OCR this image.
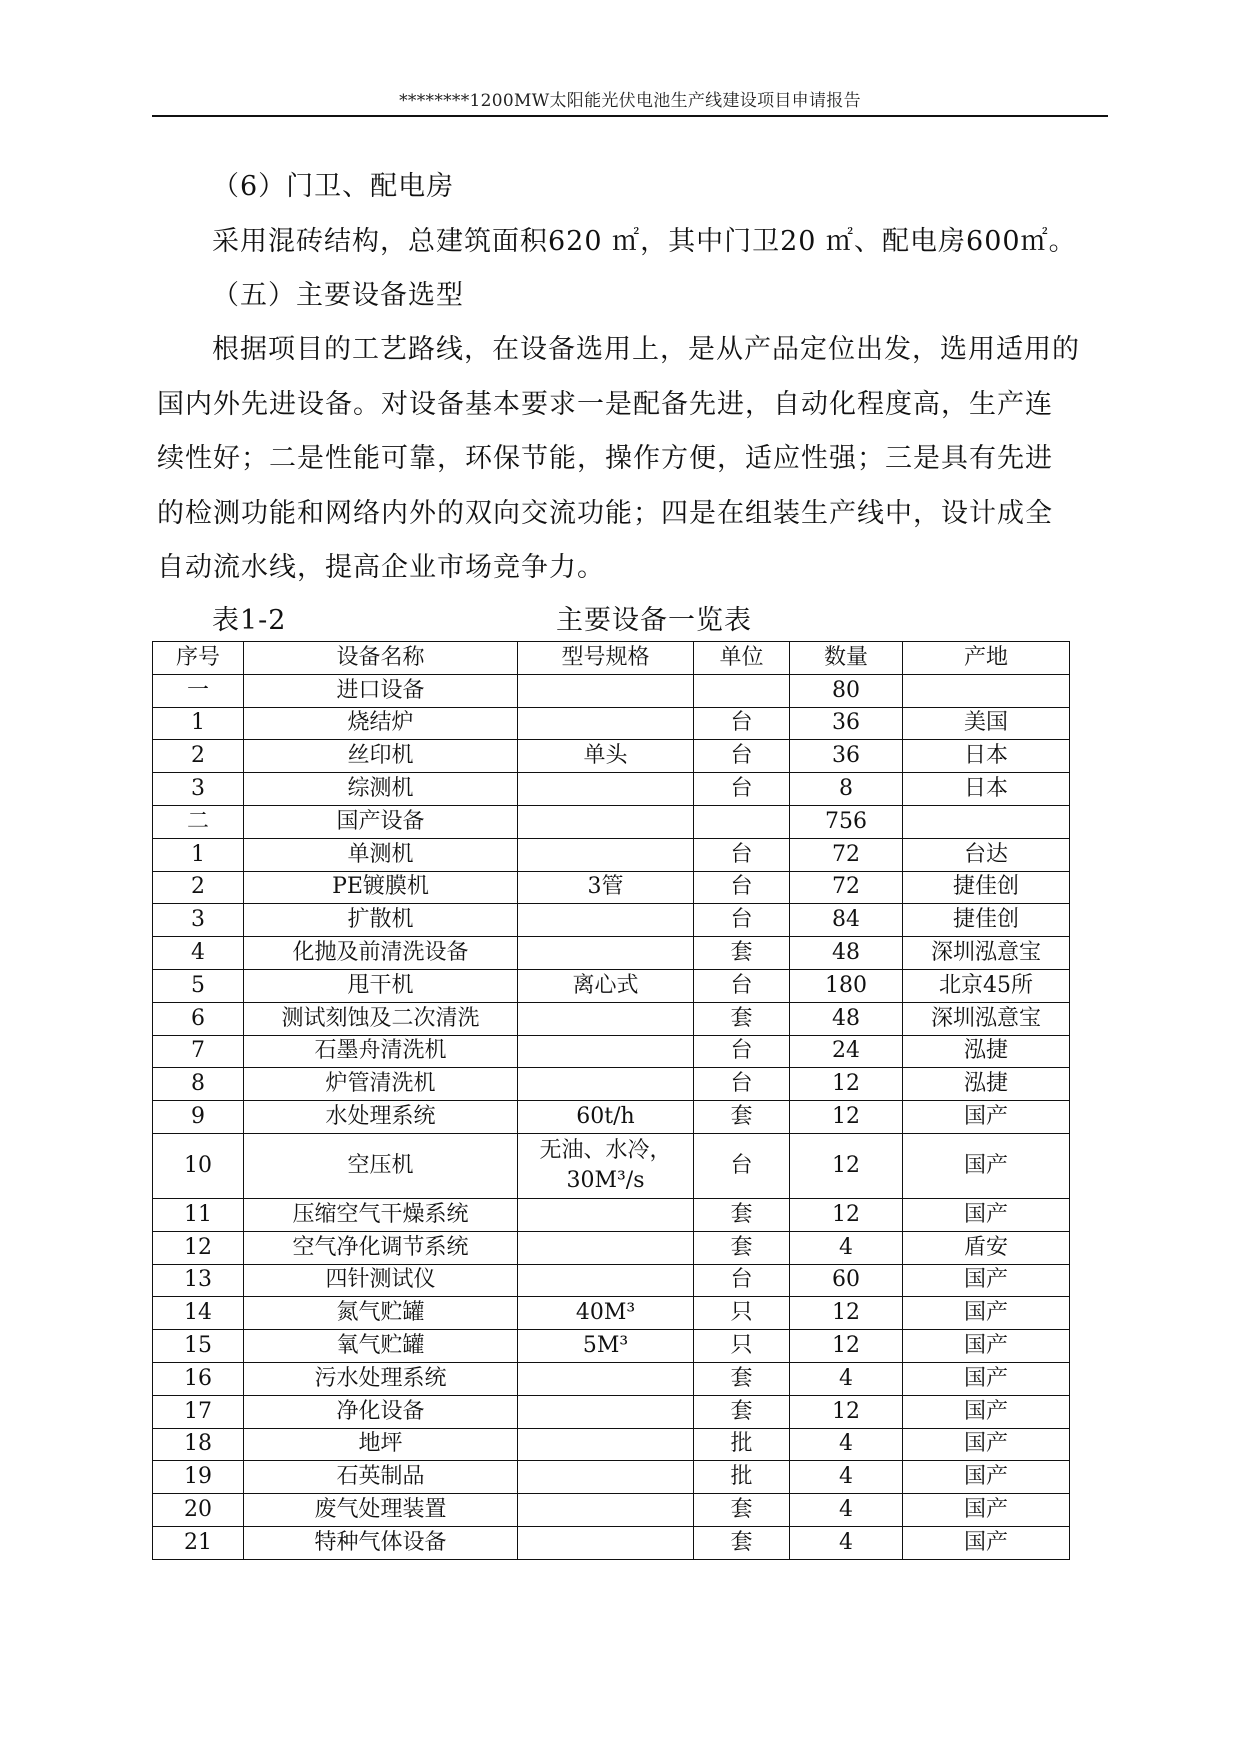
********1200MW太阳能光伏电池生产线建设项目申请报告
（6）门卫、配电房
采用混砖结构，总建筑面积620 ㎡，其中门卫20 ㎡、配电房600㎡。
（五）主要设备选型
根据项目的工艺路线，在设备选用上，是从产品定位出发，选用适用的
国内外先进设备。对设备基本要求一是配备先进，自动化程度高，生产连
续性好；二是性能可靠，环保节能，操作方便，适应性强；三是具有先进
的检测功能和网络内外的双向交流功能；四是在组装生产线中，设计成全
自动流水线，提高企业市场竞争力。
表1-2	主要设备一览表
序号	设备名称	型号规格	单位	数量	产地
一	进口设备			80	
1	烧结炉		台	36	美国
2	丝印机	单头	台	36	日本
3	综测机		台	8	日本
二	国产设备			756	
1	单测机		台	72	台达
2	PE镀膜机	3管	台	72	捷佳创
3	扩散机		台	84	捷佳创
4	化抛及前清洗设备		套	48	深圳泓意宝
5	甩干机	离心式	台	180	北京45所
6	测试刻蚀及二次清洗		套	48	深圳泓意宝
7	石墨舟清洗机		台	24	泓捷
8	炉管清洗机		台	12	泓捷
9	水处理系统	60t/h	套	12	国产
10	空压机	无油、水冷，30M³/s	台	12	国产
11	压缩空气干燥系统		套	12	国产
12	空气净化调节系统		套	4	盾安
13	四针测试仪		台	60	国产
14	氮气贮罐	40M³	只	12	国产
15	氧气贮罐	5M³	只	12	国产
16	污水处理系统		套	4	国产
17	净化设备		套	12	国产
18	地坪		批	4	国产
19	石英制品		批	4	国产
20	废气处理装置		套	4	国产
21	特种气体设备		套	4	国产
